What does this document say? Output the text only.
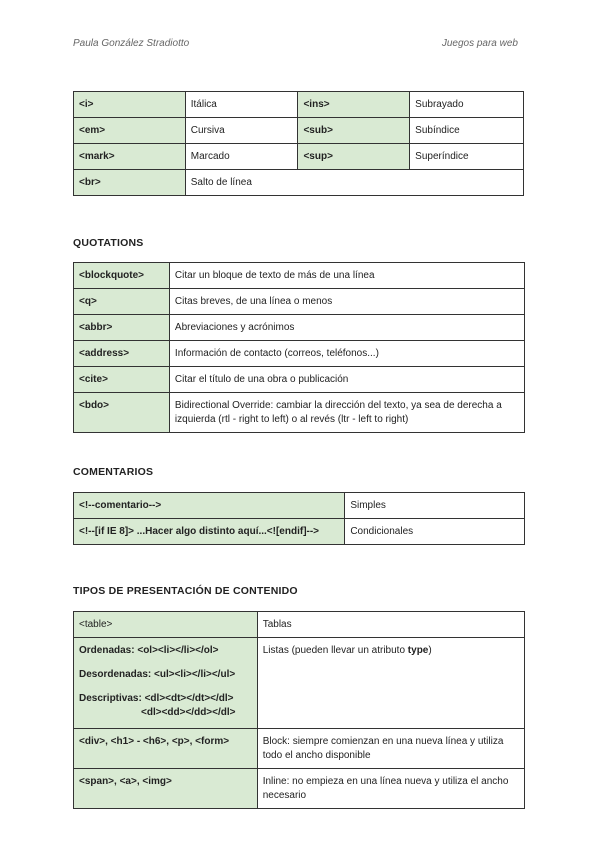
Paula González Stradiotto	Juegos para web
<i>	Itálica	<ins>	Subrayado
<em>	Cursiva	<sub>	Subíndice
<mark>	Marcado	<sup>	Superíndice
<br>	Salto de línea		
QUOTATIONS
<blockquote>	Citar un bloque de texto de más de una línea
<q>	Citas breves, de una línea o menos
<abbr>	Abreviaciones y acrónimos
<address>	Información de contacto (correos, teléfonos...)
<cite>	Citar el título de una obra o publicación
<bdo>	Bidirectional Override: cambiar la dirección del texto, ya sea de derecha a izquierda (rtl - right to left) o al revés (ltr - left to right)
COMENTARIOS
<!--comentario-->	Simples
<!--[if IE 8]> ...Hacer algo distinto aquí...<![endif]-->	Condicionales
TIPOS DE PRESENTACIÓN DE CONTENIDO
<table>	Tablas

Ordenadas: <ol><li></li></ol>
Desordenadas: <ul><li></li></ul>
Descriptivas: <dl><dt></dt></dl>
<dl><dd></dd></dl>	Listas (pueden llevar un atributo type)
<div>, <h1> - <h6>, <p>, <form>	Block: siempre comienzan en una nueva línea y utiliza todo el ancho disponible
<span>, <a>, <img>	Inline: no empieza en una línea nueva y utiliza el ancho necesario
